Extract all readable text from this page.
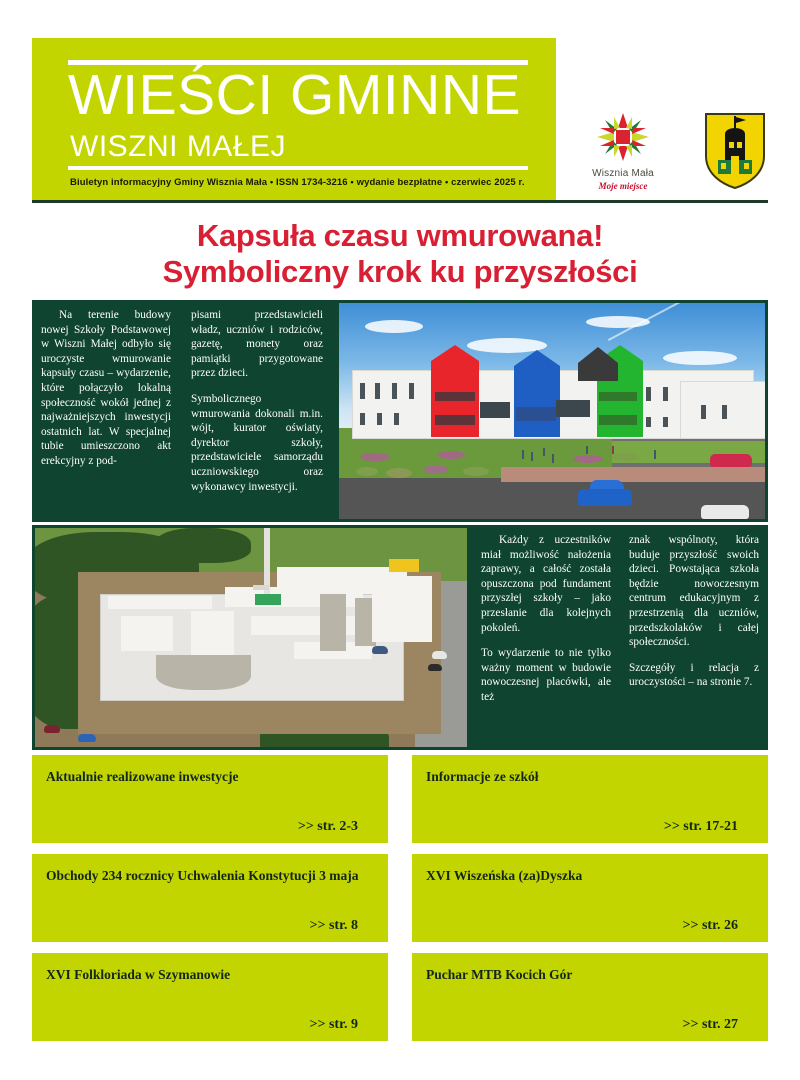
WIEŚCI GMINNE
WISZNI MAŁEJ
Biuletyn informacyjny Gminy Wisznia Mała • ISSN 1734-3216 • wydanie bezpłatne • czerwiec 2025 r.
Wisznia Mała
Moje miejsce
Kapsuła czasu wmurowana!
Symboliczny krok ku przyszłości

Na terenie budowy nowej Szkoły Podstawowej w Wiszni Małej odbyło się uroczyste wmurowanie kapsuły czasu – wydarzenie, które połączyło lokalną społeczność wokół jednej z najważniejszych inwestycji ostatnich lat. W specjalnej tubie umieszczono akt erekcyjny z pod-

pisami przedstawicieli władz, uczniów i rodziców, gazetę, monety oraz pamiątki przygotowane przez dzieci.

Symbolicznego wmurowania dokonali m.in. wójt, kurator oświaty, dyrektor szkoły, przedstawiciele samorządu uczniowskiego oraz wykonawcy inwestycji.

Każdy z uczestników miał możliwość nałożenia zaprawy, a całość została opuszczona pod fundament przyszłej szkoły – jako przesłanie dla kolejnych pokoleń.

To wydarzenie to nie tylko ważny moment w budowie nowoczesnej placówki, ale też

znak wspólnoty, która buduje przyszłość swoich dzieci. Powstająca szkoła będzie nowoczesnym centrum edukacyjnym z przestrzenią dla uczniów, przedszkolaków i całej społeczności.

Szczegóły i relacja z uroczystości – na stronie 7.

Aktualnie realizowane inwestycje
>> str. 2-3
Obchody 234 rocznicy Uchwalenia Konstytucji 3 maja
>> str. 8
XVI Folkloriada w Szymanowie
>> str. 9
Informacje ze szkół
>> str. 17-21
XVI Wiszeńska (za)Dyszka
>> str. 26
Puchar MTB Kocich Gór
>> str. 27
